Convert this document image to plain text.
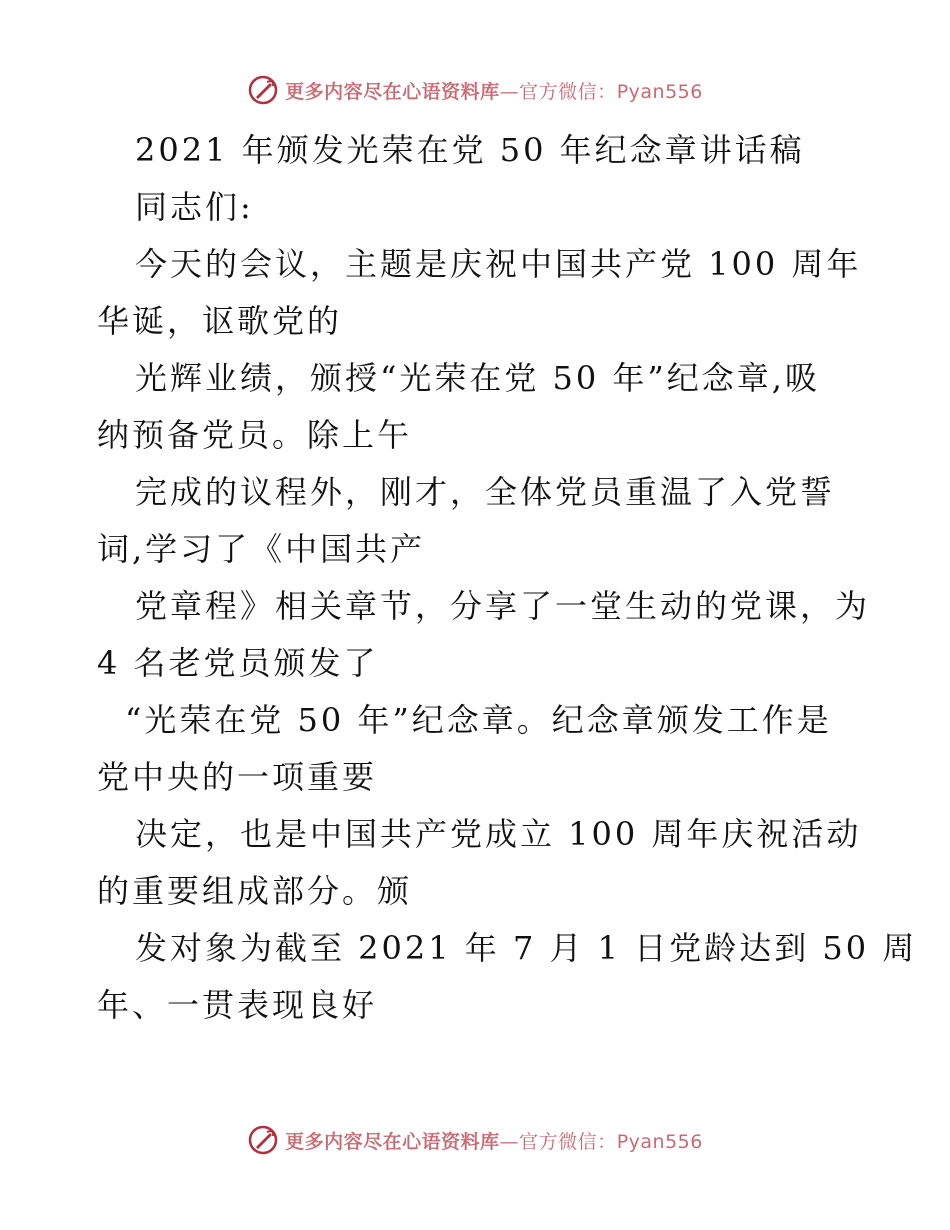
更多内容尽在心语资料库—官方微信：Pyan556
2021 年颁发光荣在党 50 年纪念章讲话稿
同志们:
今天的会议，主题是庆祝中国共产党 100 周年
华诞，讴歌党的
光辉业绩，颁授“光荣在党 50 年”纪念章,吸
纳预备党员。除上午
完成的议程外，刚才，全体党员重温了入党誓
词,学习了《中国共产
党章程》相关章节，分享了一堂生动的党课，为
4 名老党员颁发了
“光荣在党 50 年”纪念章。纪念章颁发工作是
党中央的一项重要
决定，也是中国共产党成立 100 周年庆祝活动
的重要组成部分。颁
发对象为截至 2021 年 7 月 1 日党龄达到 50 周
年、一贯表现良好
更多内容尽在心语资料库—官方微信：Pyan556
